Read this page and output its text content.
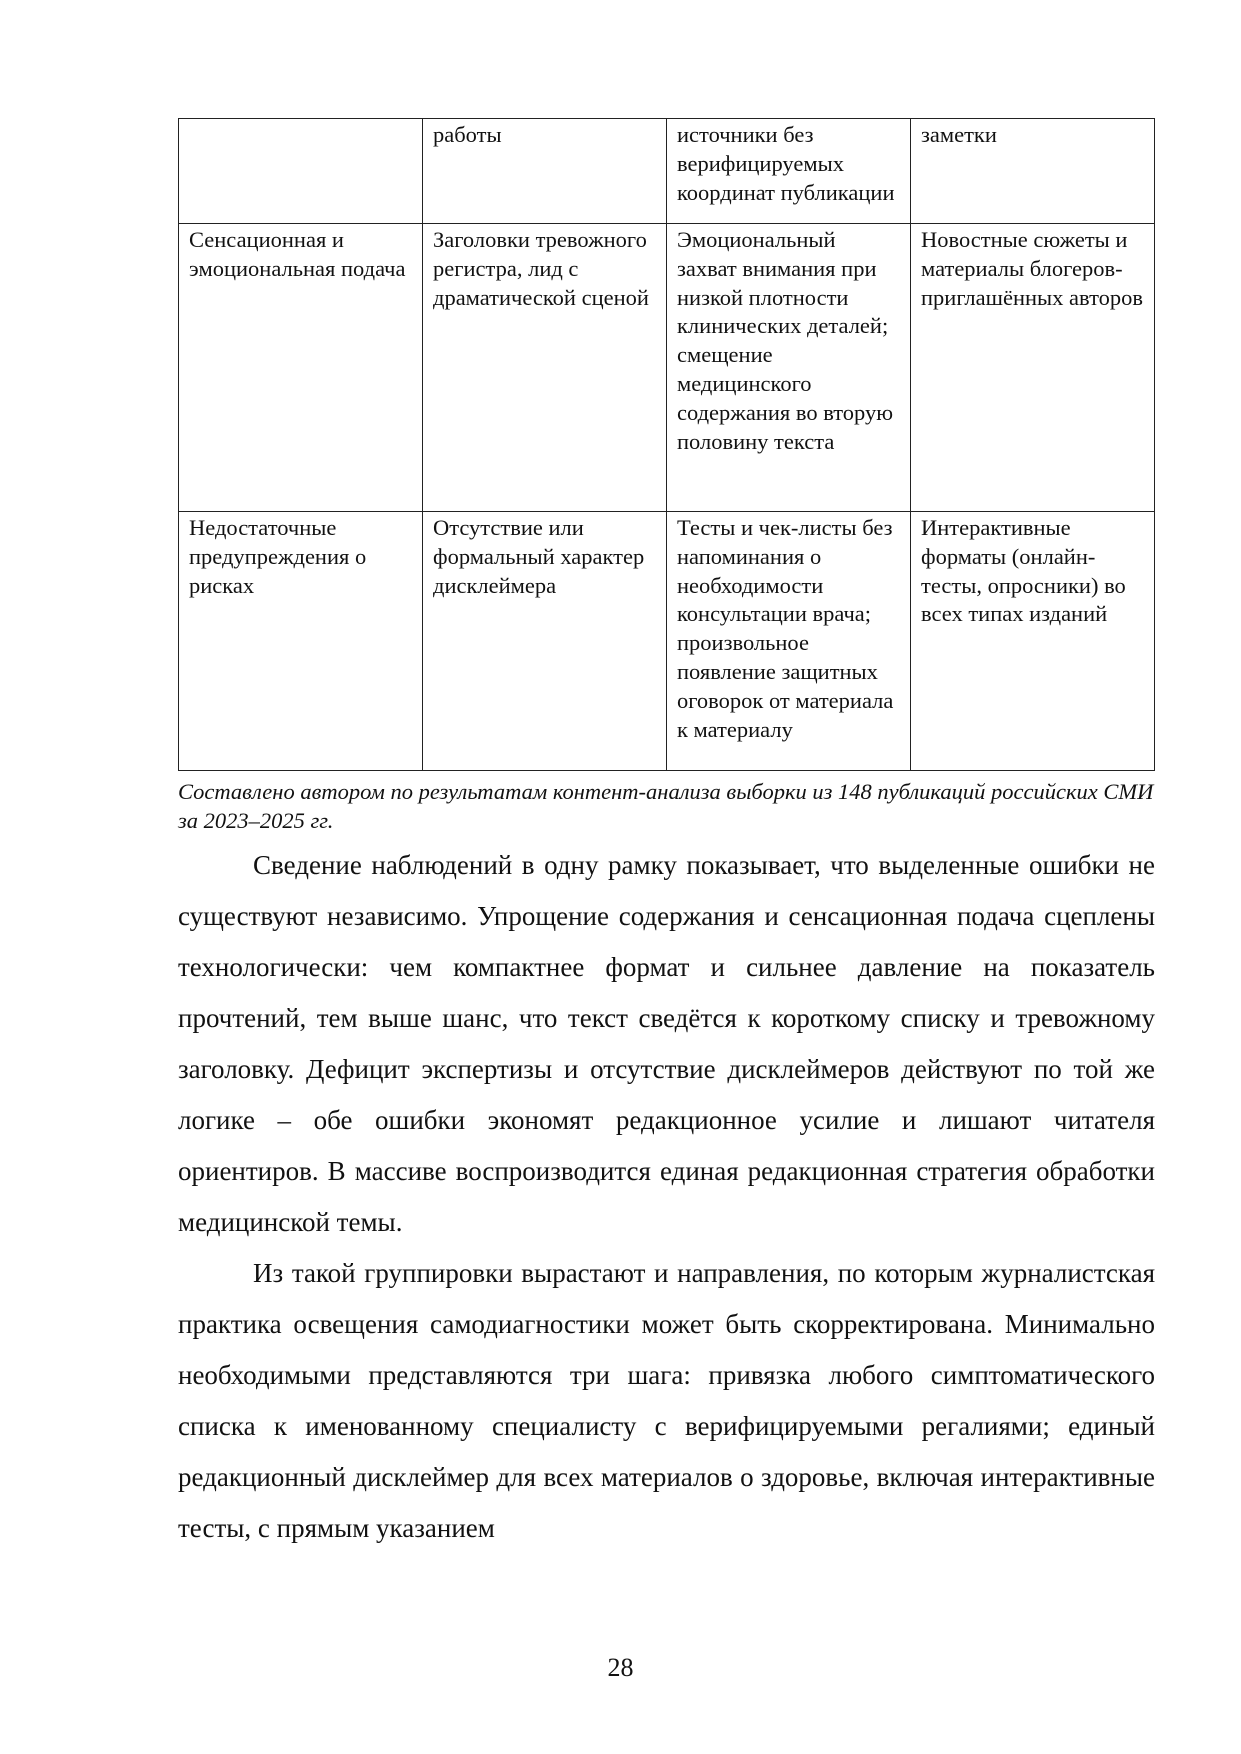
	работы	источники без верифицируемых координат публикации	заметки
Сенсационная и эмоциональная подача	Заголовки тревожного регистра, лид с драматической сценой	Эмоциональный захват внимания при низкой плотности клинических деталей; смещение медицинского содержания во вторую половину текста	Новостные сюжеты и материалы блогеров-приглашённых авторов
Недостаточные предупреждения о рисках	Отсутствие или формальный характер дисклеймера	Тесты и чек-листы без напоминания о необходимости консультации врача; произвольное появление защитных оговорок от материала к материалу	Интерактивные форматы (онлайн-тесты, опросники) во всех типах изданий
Составлено автором по результатам контент-анализа выборки из 148 публикаций российских СМИ за 2023–2025 гг.

Сведение наблюдений в одну рамку показывает, что выделенные ошибки не существуют независимо. Упрощение содержания и сенсационная подача сцеплены технологически: чем компактнее формат и сильнее давление на показатель прочтений, тем выше шанс, что текст сведётся к короткому списку и тревожному заголовку. Дефицит экспертизы и отсутствие дисклеймеров действуют по той же логике – обе ошибки экономят редакционное усилие и лишают читателя ориентиров. В массиве воспроизводится единая редакционная стратегия обработки медицинской темы.

Из такой группировки вырастают и направления, по которым журналистская практика освещения самодиагностики может быть скорректирована. Минимально необходимыми представляются три шага: привязка любого симптоматического списка к именованному специалисту с верифицируемыми регалиями; единый редакционный дисклеймер для всех материалов о здоровье, включая интерактивные тесты, с прямым указанием

28
